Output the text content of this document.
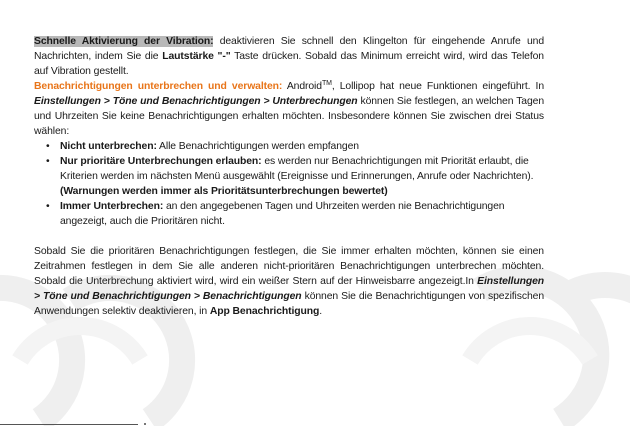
Schnelle Aktivierung der Vibration: deaktivieren Sie schnell den Klingelton für eingehende Anrufe und Nachrichten, indem Sie die Lautstärke "-" Taste drücken. Sobald das Minimum erreicht wird, wird das Telefon auf Vibration gestellt.

Benachrichtigungen unterbrechen und verwalten: Android™, Lollipop hat neue Funktionen eingeführt. In Einstellungen > Töne und Benachrichtigungen > Unterbrechungen können Sie festlegen, an welchen Tagen und Uhrzeiten Sie keine Benachrichtigungen erhalten möchten. Insbesondere können Sie zwischen drei Status wählen:

• Nicht unterbrechen: Alle Benachrichtigungen werden empfangen
• Nur prioritäre Unterbrechungen erlauben: es werden nur Benachrichtigungen mit Priorität erlaubt, die Kriterien werden im nächsten Menü ausgewählt (Ereignisse und Erinnerungen, Anrufe oder Nachrichten). (Warnungen werden immer als Prioritätsunterbrechungen bewertet)
• Immer Unterbrechen: an den angegebenen Tagen und Uhrzeiten werden nie Benachrichtigungen angezeigt, auch die Prioritären nicht.

Sobald Sie die prioritären Benachrichtigungen festlegen, die Sie immer erhalten möchten, können sie einen Zeitrahmen festlegen in dem Sie alle anderen nicht-prioritären Benachrichtigungen unterbrechen möchten. Sobald die Unterbrechung aktiviert wird, wird ein weißer Stern auf der Hinweisbarre angezeigt.In Einstellungen > Töne und Benachrichtigungen > Benachrichtigungen können Sie die Benachrichtigungen von spezifischen Anwendungen selektiv deaktivieren, in App Benachrichtigung.
